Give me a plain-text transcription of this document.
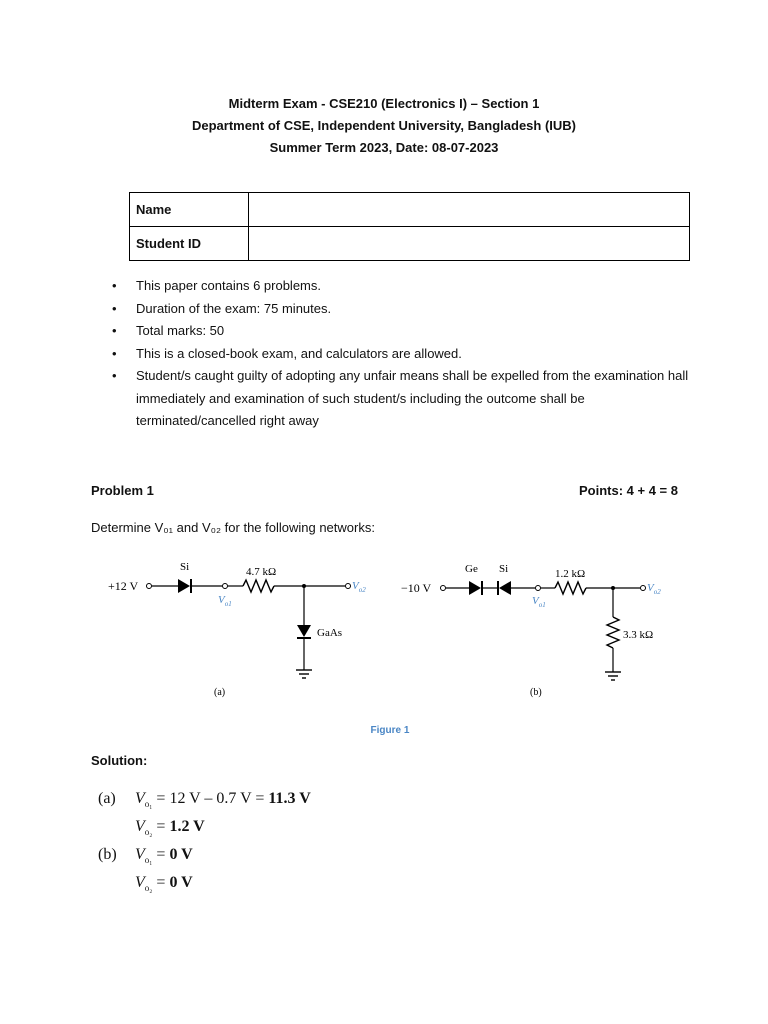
Midterm Exam - CSE210 (Electronics I) – Section 1
Department of CSE, Independent University, Bangladesh (IUB)
Summer Term 2023, Date: 08-07-2023
Name	
Student ID	
• This paper contains 6 problems.
• Duration of the exam: 75 minutes.
• Total marks: 50
• This is a closed-book exam, and calculators are allowed.
• Student/s caught guilty of adopting any unfair means shall be expelled from the examination hall immediately and examination of such student/s including the outcome shall be terminated/cancelled right away
Problem 1	Points: 4 + 4 = 8
Determine V₀₁ and V₀₂ for the following networks:
+12 V
Si
$V_{o1}$
4.7 kΩ
$V_{o2}$
GaAs
(a)
−10 V
Ge Si
$V_{o1}$
1.2 kΩ
$V_{o2}$
3.3 kΩ
(b)
Figure 1
Solution:
(a) $V_{o_1} = 12$ V – 0.7 V = 11.3 V
$V_{o_2} = 1.2$ V
(b) $V_{o_1} = 0$ V
$V_{o_2} = 0$ V
